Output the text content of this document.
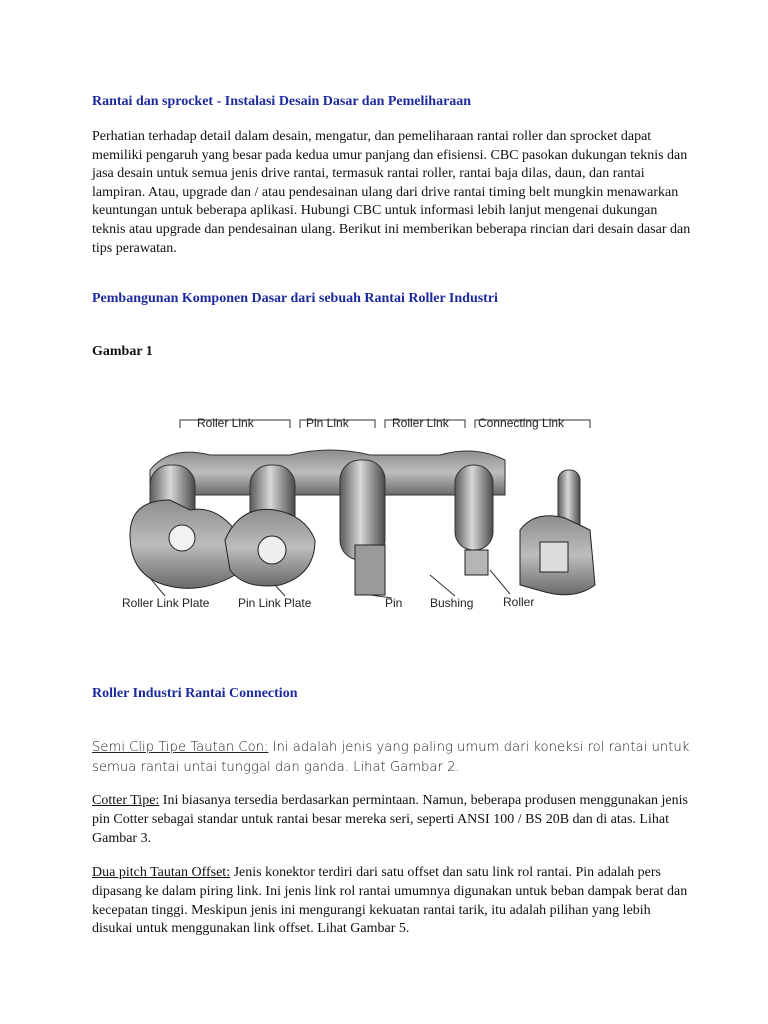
Rantai dan sprocket - Instalasi Desain Dasar dan Pemeliharaan

Perhatian terhadap detail dalam desain, mengatur, dan pemeliharaan rantai roller dan sprocket dapat memiliki pengaruh yang besar pada kedua umur panjang dan efisiensi. CBC pasokan dukungan teknis dan jasa desain untuk semua jenis drive rantai, termasuk rantai roller, rantai baja dilas, daun, dan rantai lampiran. Atau, upgrade dan / atau pendesainan ulang dari drive rantai timing belt mungkin menawarkan keuntungan untuk beberapa aplikasi. Hubungi CBC untuk informasi lebih lanjut mengenai dukungan teknis atau upgrade dan pendesainan ulang. Berikut ini memberikan beberapa rincian dari desain dasar dan tips perawatan.

Pembangunan Komponen Dasar dari sebuah Rantai Roller Industri
Gambar 1
Roller Link	Pin Link	Roller Link Connecting Link
Roller Link Plate Pin Link Plate	Pin Bushing Roller
Roller Industri Rantai Connection

Semi Clip Tipe Tautan Con: Ini adalah jenis yang paling umum dari koneksi rol rantai untuk semua rantai untai tunggal dan ganda. Lihat Gambar 2.

Cotter Tipe: Ini biasanya tersedia berdasarkan permintaan. Namun, beberapa produsen menggunakan jenis pin Cotter sebagai standar untuk rantai besar mereka seri, seperti ANSI 100 / BS 20B dan di atas. Lihat Gambar 3.

Dua pitch Tautan Offset: Jenis konektor terdiri dari satu offset dan satu link rol rantai. Pin adalah pers dipasang ke dalam piring link. Ini jenis link rol rantai umumnya digunakan untuk beban dampak berat dan kecepatan tinggi. Meskipun jenis ini mengurangi kekuatan rantai tarik, itu adalah pilihan yang lebih disukai untuk menggunakan link offset. Lihat Gambar 5.
